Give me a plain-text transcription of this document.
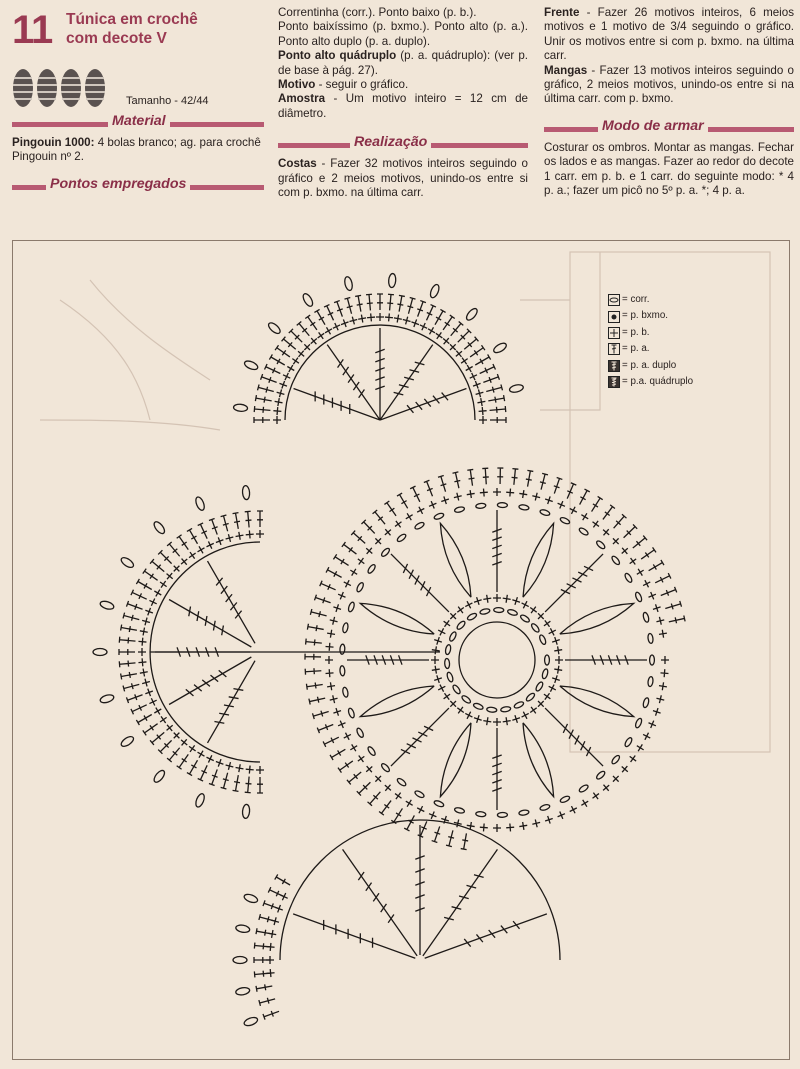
11 Túnica em crochê
com decote V
Tamanho - 42/44
Material
Pingouin 1000: 4 bolas branco; ag. para crochê Pingouin nº 2.
Pontos empregados
Correntinha (corr.). Ponto baixo (p. b.).
Ponto baixíssimo (p. bxmo.). Ponto alto (p. a.). Ponto alto duplo (p. a. duplo).
Ponto alto quádruplo (p. a. quádruplo): (ver p. de base à pág. 27).
Motivo - seguir o gráfico.
Amostra - Um motivo inteiro = 12 cm de diâmetro.
Realização
Costas - Fazer 32 motivos inteiros seguindo o gráfico e 2 meios motivos, unindo-os entre si com p. bxmo. na última carr.
Frente - Fazer 26 motivos inteiros, 6 meios motivos e 1 motivo de 3/4 seguindo o gráfico. Unir os motivos entre si com p. bxmo. na última carr.
Mangas - Fazer 13 motivos inteiros seguindo o gráfico, 2 meios motivos, unindo-os entre si na última carr. com p. bxmo.
Modo de armar
Costurar os ombros. Montar as mangas. Fechar os lados e as mangas. Fazer ao redor do decote 1 carr. em p. b. e 1 carr. do seguinte modo: * 4 p. a.; fazer um picô no 5º p. a. *; 4 p. a.
= corr.
= p. bxmo.
= p. b.
= p. a.
= p. a. duplo
= p.a. quádruplo
